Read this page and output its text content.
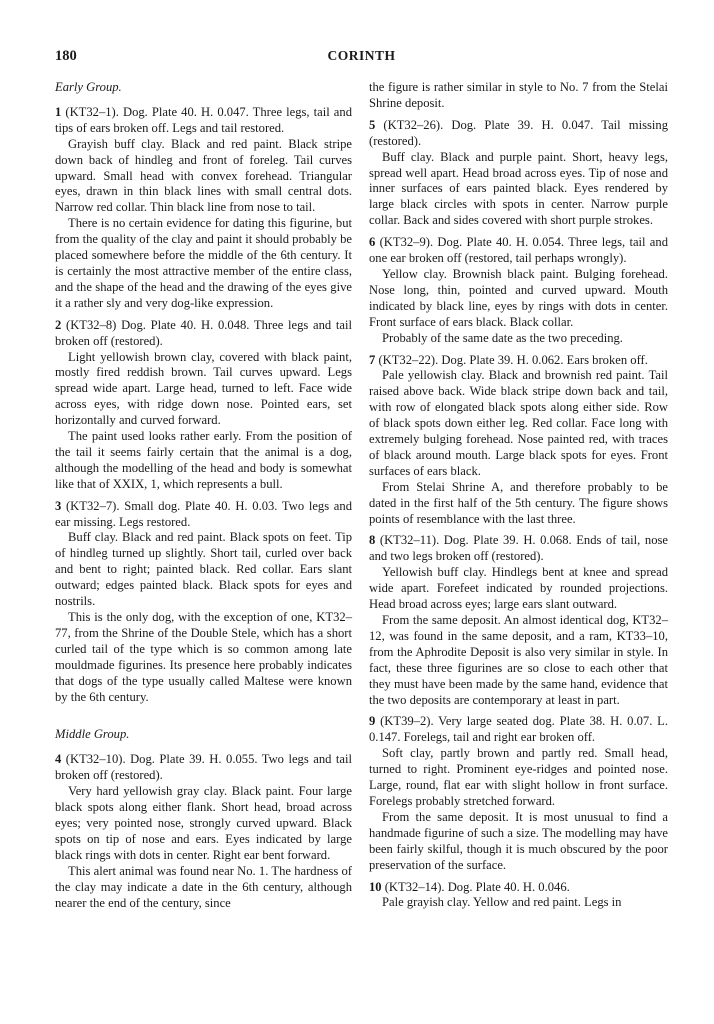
180	CORINTH

Early Group.

1 (KT32–1). Dog. Plate 40. H. 0.047. Three legs, tail and tips of ears broken off. Legs and tail restored.

Grayish buff clay. Black and red paint. Black stripe down back of hindleg and front of foreleg. Tail curves upward. Small head with convex forehead. Triangular eyes, drawn in thin black lines with small central dots. Narrow red collar. Thin black line from nose to tail.

There is no certain evidence for dating this figurine, but from the quality of the clay and paint it should probably be placed somewhere before the middle of the 6th century. It is certainly the most attractive member of the entire class, and the shape of the head and the drawing of the eyes give it a rather sly and very dog-like expression.

2 (KT32–8) Dog. Plate 40. H. 0.048. Three legs and tail broken off (restored).

Light yellowish brown clay, covered with black paint, mostly fired reddish brown. Tail curves upward. Legs spread wide apart. Large head, turned to left. Face wide across eyes, with ridge down nose. Pointed ears, set horizontally and curved forward.

The paint used looks rather early. From the position of the tail it seems fairly certain that the animal is a dog, although the modelling of the head and body is somewhat like that of XXIX, 1, which represents a bull.

3 (KT32–7). Small dog. Plate 40. H. 0.03. Two legs and ear missing. Legs restored.

Buff clay. Black and red paint. Black spots on feet. Tip of hindleg turned up slightly. Short tail, curled over back and bent to right; painted black. Red collar. Ears slant outward; edges painted black. Black spots for eyes and nostrils.

This is the only dog, with the exception of one, KT32–77, from the Shrine of the Double Stele, which has a short curled tail of the type which is so common among late mouldmade figurines. Its presence here probably indicates that dogs of the type usually called Maltese were known by the 6th century.

Middle Group.

4 (KT32–10). Dog. Plate 39. H. 0.055. Two legs and tail broken off (restored).

Very hard yellowish gray clay. Black paint. Four large black spots along either flank. Short head, broad across eyes; very pointed nose, strongly curved upward. Black spots on tip of nose and ears. Eyes indicated by large black rings with dots in center. Right ear bent forward.

This alert animal was found near No. 1. The hardness of the clay may indicate a date in the 6th century, although nearer the end of the century, since

the figure is rather similar in style to No. 7 from the Stelai Shrine deposit.

5 (KT32–26). Dog. Plate 39. H. 0.047. Tail missing (restored).

Buff clay. Black and purple paint. Short, heavy legs, spread well apart. Head broad across eyes. Tip of nose and inner surfaces of ears painted black. Eyes rendered by large black circles with spots in center. Narrow purple collar. Back and sides covered with short purple strokes.

6 (KT32–9). Dog. Plate 40. H. 0.054. Three legs, tail and one ear broken off (restored, tail perhaps wrongly).

Yellow clay. Brownish black paint. Bulging forehead. Nose long, thin, pointed and curved upward. Mouth indicated by black line, eyes by rings with dots in center. Front surface of ears black. Black collar.

Probably of the same date as the two preceding.

7 (KT32–22). Dog. Plate 39. H. 0.062. Ears broken off.

Pale yellowish clay. Black and brownish red paint. Tail raised above back. Wide black stripe down back and tail, with row of elongated black spots along either side. Row of black spots down either leg. Red collar. Face long with extremely bulging forehead. Nose painted red, with traces of black around mouth. Large black spots for eyes. Front surfaces of ears black.

From Stelai Shrine A, and therefore probably to be dated in the first half of the 5th century. The figure shows points of resemblance with the last three.

8 (KT32–11). Dog. Plate 39. H. 0.068. Ends of tail, nose and two legs broken off (restored).

Yellowish buff clay. Hindlegs bent at knee and spread wide apart. Forefeet indicated by rounded projections. Head broad across eyes; large ears slant outward.

From the same deposit. An almost identical dog, KT32–12, was found in the same deposit, and a ram, KT33–10, from the Aphrodite Deposit is also very similar in style. In fact, these three figurines are so close to each other that they must have been made by the same hand, evidence that the two deposits are contemporary at least in part.

9 (KT39–2). Very large seated dog. Plate 38. H. 0.07. L. 0.147. Forelegs, tail and right ear broken off.

Soft clay, partly brown and partly red. Small head, turned to right. Prominent eye-ridges and pointed nose. Large, round, flat ear with slight hollow in front surface. Forelegs probably stretched forward.

From the same deposit. It is most unusual to find a handmade figurine of such a size. The modelling may have been fairly skilful, though it is much obscured by the poor preservation of the surface.

10 (KT32–14). Dog. Plate 40. H. 0.046.

Pale grayish clay. Yellow and red paint. Legs in
